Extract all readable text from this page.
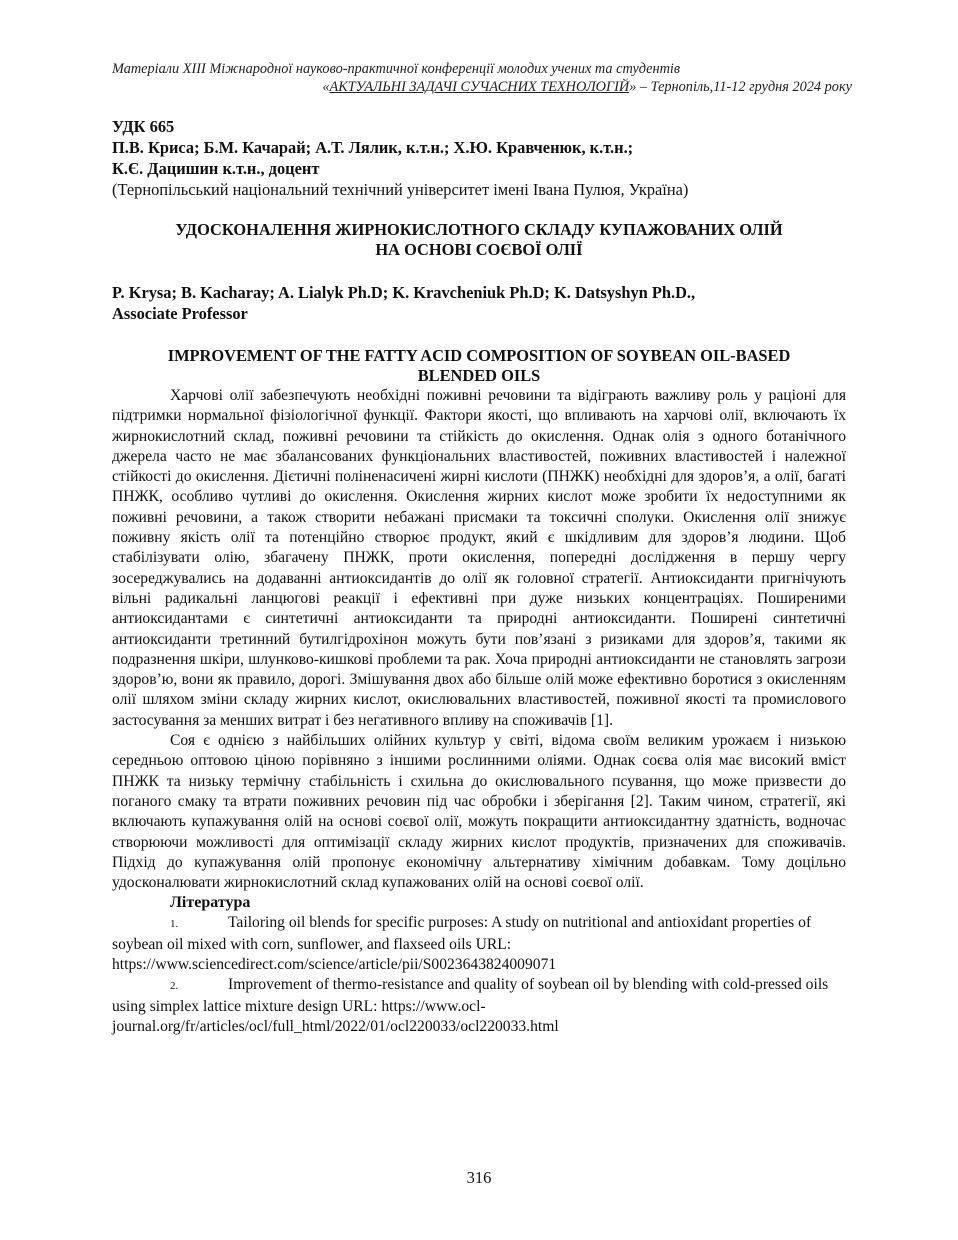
Матеріали XIII Міжнародної науково-практичної конференції молодих учених та студентів
«АКТУАЛЬНІ ЗАДАЧІ СУЧАСНИХ ТЕХНОЛОГІЙ» – Тернопіль,11-12 грудня 2024 року
УДК 665
П.В. Криса; Б.М. Качарай; А.Т. Лялик, к.т.н.; Х.Ю. Кравченюк, к.т.н.;
К.Є. Дацишин к.т.н., доцент
(Тернопільський національний технічний університет імені Івана Пулюя, Україна)
УДОСКОНАЛЕННЯ ЖИРНОКИСЛОТНОГО СКЛАДУ КУПАЖОВАНИХ ОЛІЙ
НА ОСНОВІ СОЄВОЇ ОЛІЇ
P. Krysa; B. Kacharay; A. Lialyk Ph.D; K. Kravcheniuk Ph.D; K. Datsyshyn Ph.D.,
Associate Professor
IMPROVEMENT OF THE FATTY ACID COMPOSITION OF SOYBEAN OIL-BASED
BLENDED OILS

Харчові олії забезпечують необхідні поживні речовини та відіграють важливу роль у раціоні для підтримки нормальної фізіологічної функції. Фактори якості, що впливають на харчові олії, включають їх жирнокислотний склад, поживні речовини та стійкість до окислення. Однак олія з одного ботанічного джерела часто не має збалансованих функціональних властивостей, поживних властивостей і належної стійкості до окислення. Дієтичні поліненасичені жирні кислоти (ПНЖК) необхідні для здоров’я, а олії, багаті ПНЖК, особливо чутливі до окислення. Окислення жирних кислот може зробити їх недоступними як поживні речовини, а також створити небажані присмаки та токсичні сполуки. Окислення олії знижує поживну якість олії та потенційно створює продукт, який є шкідливим для здоров’я людини. Щоб стабілізувати олію, збагачену ПНЖК, проти окислення, попередні дослідження в першу чергу зосереджувались на додаванні антиоксидантів до олії як головної стратегії. Антиоксиданти пригнічують вільні радикальні ланцюгові реакції і ефективні при дуже низьких концентраціях. Поширеними антиоксидантами є синтетичні антиоксиданти та природні антиоксиданти. Поширені синтетичні антиоксиданти третинний бутилгідрохінон можуть бути пов’язані з ризиками для здоров’я, такими як подразнення шкіри, шлунково-кишкові проблеми та рак. Хоча природні антиоксиданти не становлять загрози здоров’ю, вони як правило, дорогі. Змішування двох або більше олій може ефективно боротися з окисленням олії шляхом зміни складу жирних кислот, окислювальних властивостей, поживної якості та промислового застосування за менших витрат і без негативного впливу на споживачів [1].

Соя є однією з найбільших олійних культур у світі, відома своїм великим урожаєм і низькою середньою оптовою ціною порівняно з іншими рослинними оліями. Однак соєва олія має високий вміст ПНЖК та низьку термічну стабільність і схильна до окислювального псування, що може призвести до поганого смаку та втрати поживних речовин під час обробки і зберігання [2]. Таким чином, стратегії, які включають купажування олій на основі соєвої олії, можуть покращити антиоксидантну здатність, водночас створюючи можливості для оптимізації складу жирних кислот продуктів, призначених для споживачів. Підхід до купажування олій пропонує економічну альтернативу хімічним добавкам. Тому доцільно удосконалювати жирнокислотний склад купажованих олій на основі соєвої олії.

Література
1.	Tailoring oil blends for specific purposes: A study on nutritional and antioxidant properties of soybean oil mixed with corn, sunflower, and flaxseed oils URL: https://www.sciencedirect.com/science/article/pii/S0023643824009071
2.	Improvement of thermo-resistance and quality of soybean oil by blending with cold-pressed oils using simplex lattice mixture design URL: https://www.ocl-journal.org/fr/articles/ocl/full_html/2022/01/ocl220033/ocl220033.html
316
